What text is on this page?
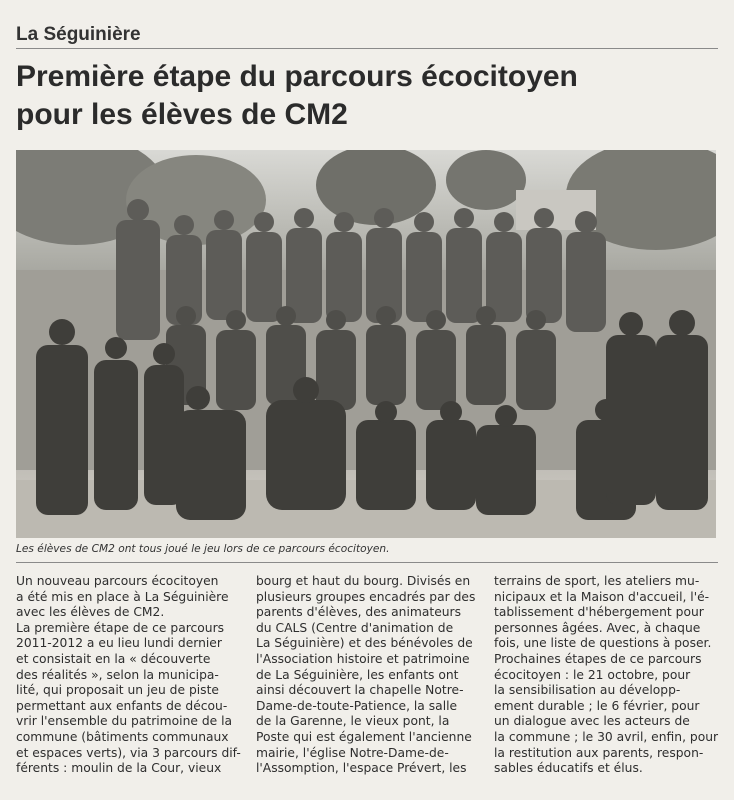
La Séguinière
Première étape du parcours écocitoyen
pour les élèves de CM2
Les élèves de CM2 ont tous joué le jeu lors de ce parcours écocitoyen.
Un nouveau parcours écocitoyen
a été mis en place à La Séguinière
avec les élèves de CM2.
La première étape de ce parcours
2011-2012 a eu lieu lundi dernier
et consistait en la « découverte
des réalités », selon la municipa-
lité, qui proposait un jeu de piste
permettant aux enfants de décou-
vrir l'ensemble du patrimoine de la
commune (bâtiments communaux
et espaces verts), via 3 parcours dif-
férents : moulin de la Cour, vieux
bourg et haut du bourg. Divisés en
plusieurs groupes encadrés par des
parents d'élèves, des animateurs
du CALS (Centre d'animation de
La Séguinière) et des bénévoles de
l'Association histoire et patrimoine
de La Séguinière, les enfants ont
ainsi découvert la chapelle Notre-
Dame-de-toute-Patience, la salle
de la Garenne, le vieux pont, la
Poste qui est également l'ancienne
mairie, l'église Notre-Dame-de-
l'Assomption, l'espace Prévert, les
terrains de sport, les ateliers mu-
nicipaux et la Maison d'accueil, l'é-
tablissement d'hébergement pour
personnes âgées. Avec, à chaque
fois, une liste de questions à poser.
Prochaines étapes de ce parcours
écocitoyen : le 21 octobre, pour
la sensibilisation au développ-
ement durable ; le 6 février, pour
un dialogue avec les acteurs de
la commune ; le 30 avril, enfin, pour
la restitution aux parents, respon-
sables éducatifs et élus.
